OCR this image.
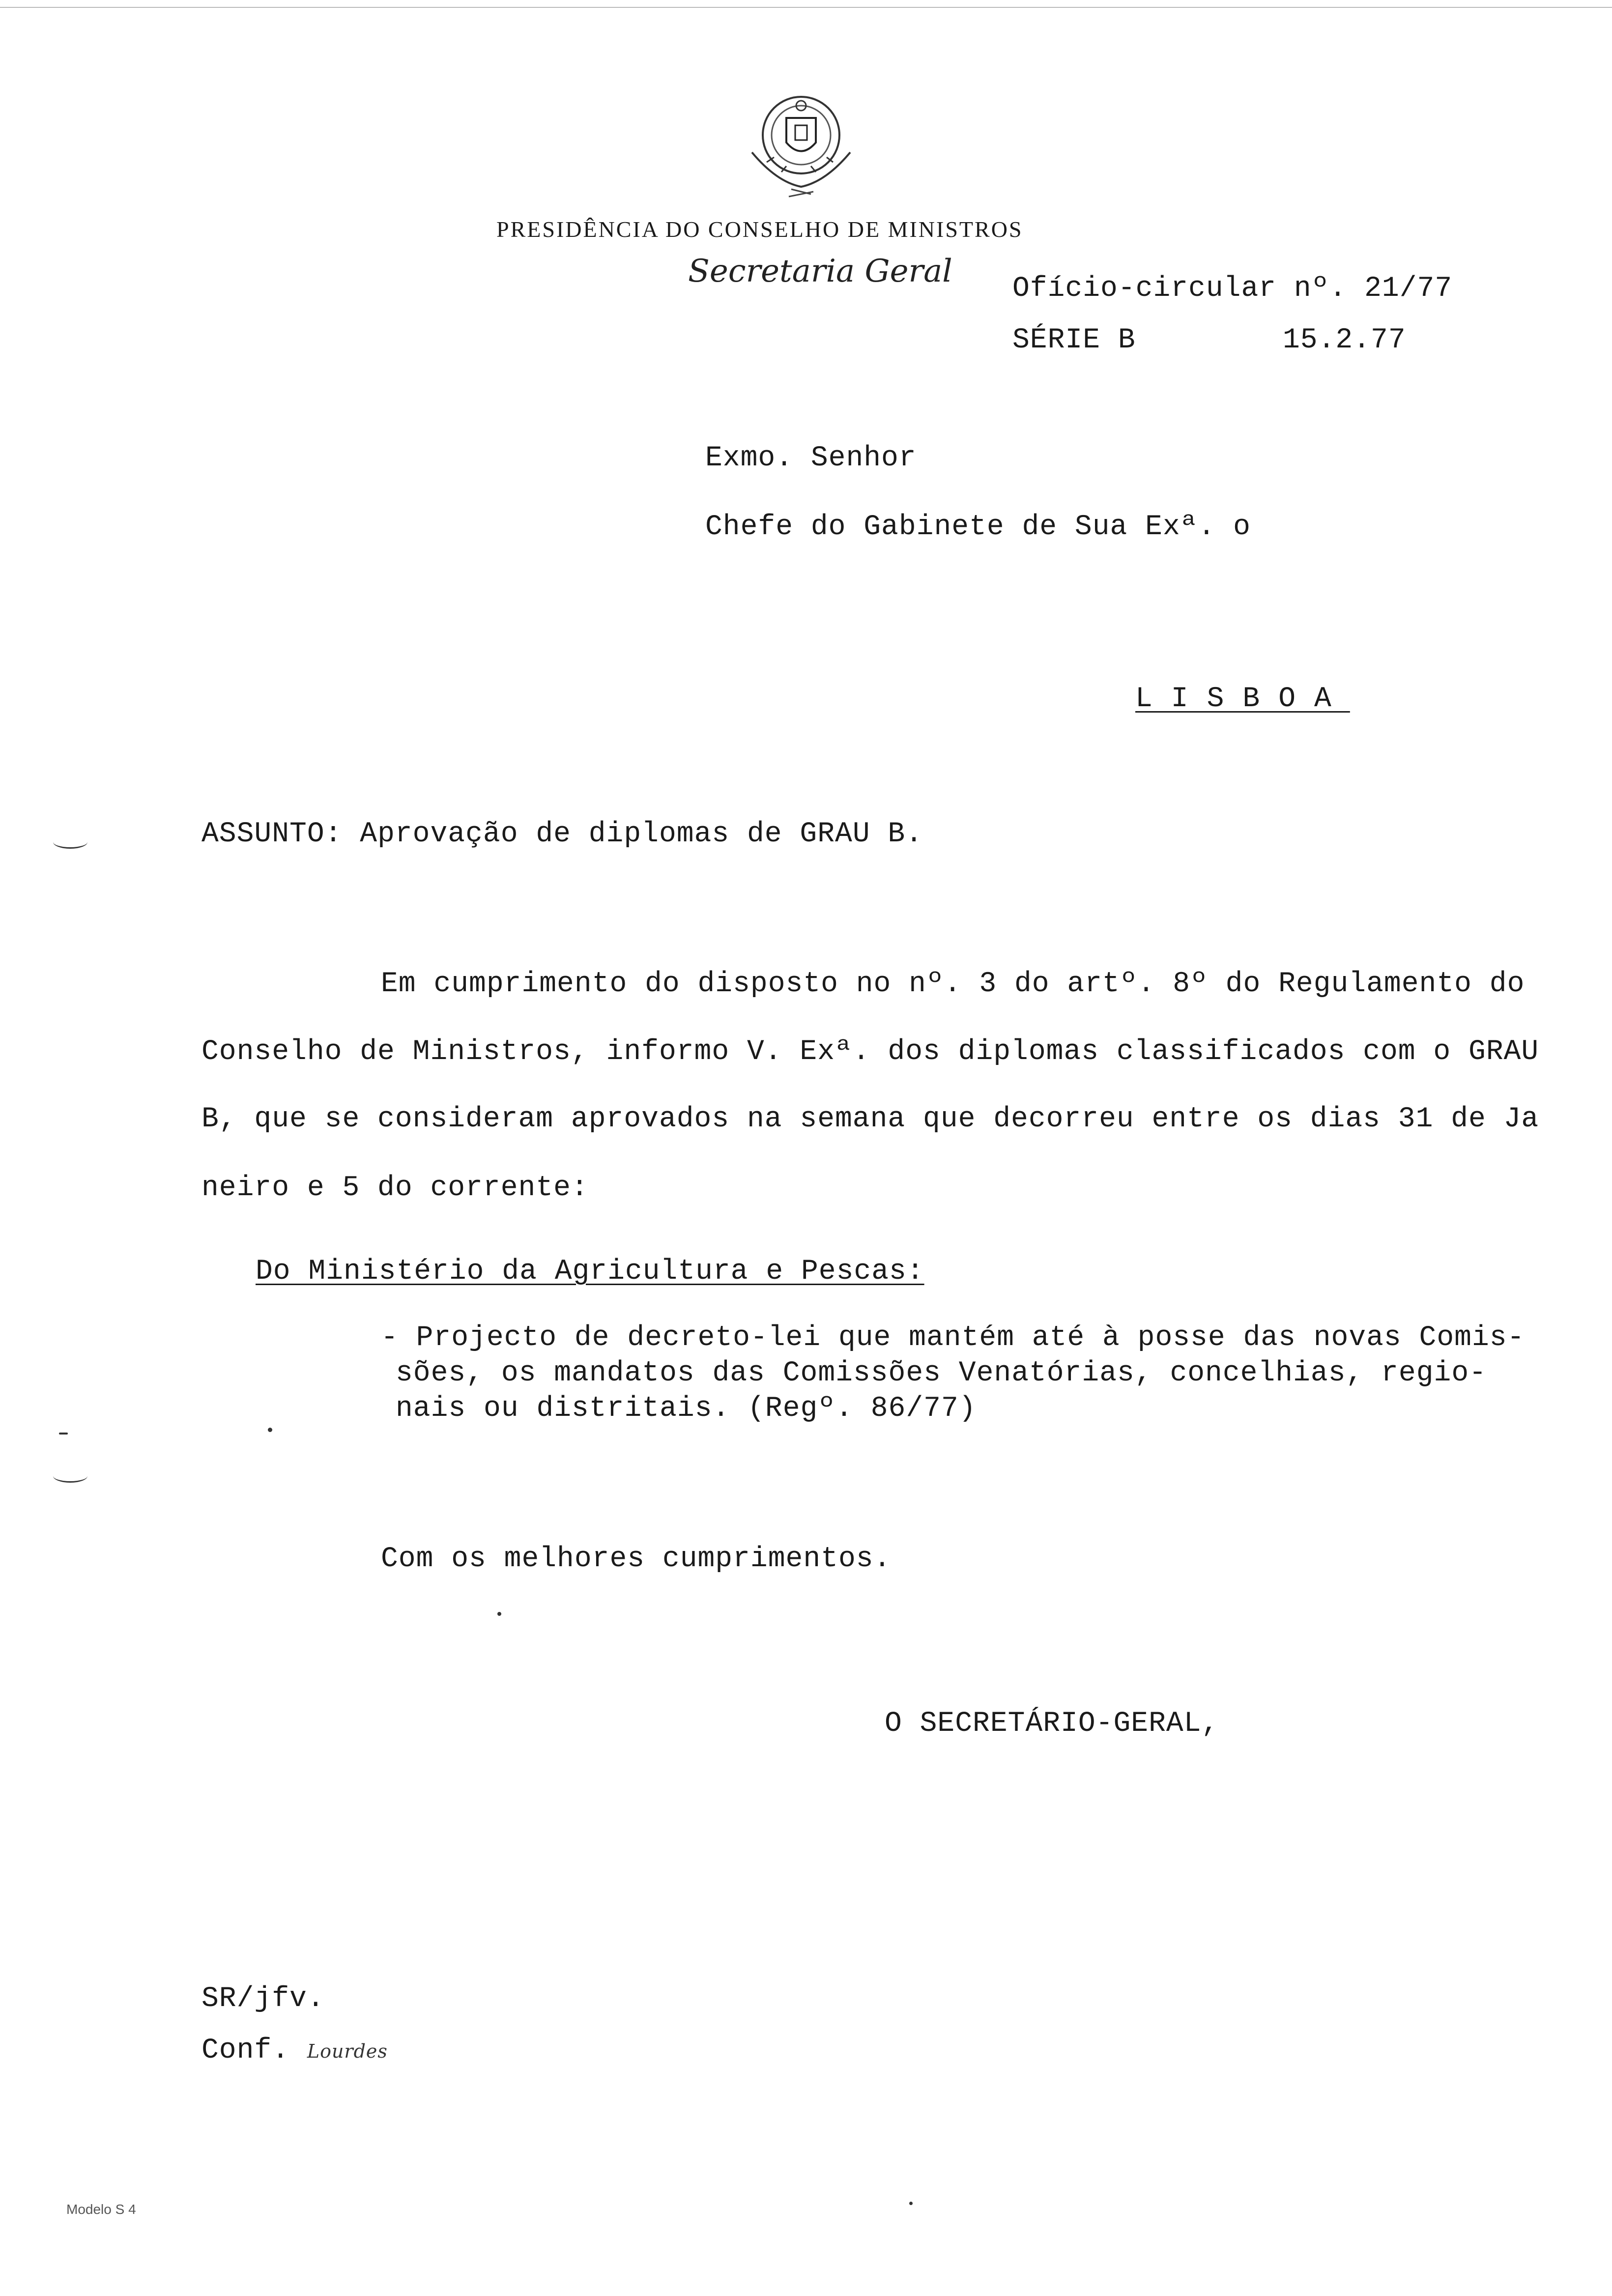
PRESIDÊNCIA DO CONSELHO DE MINISTROS
Secretaria Geral Ofício-circular nº. 21/77
SÉRIE B	15.2.77
Exmo. Senhor
Chefe do Gabinete de Sua Exª. o
LISBOA
ASSUNTO: Aprovação de diplomas de GRAU B.
Em cumprimento do disposto no nº. 3 do artº. 8º do Regulamento do
Conselho de Ministros, informo V. Exª. dos diplomas classificados com o GRAU
B, que se consideram aprovados na semana que decorreu entre os dias 31 de Ja
neiro e 5 do corrente:
Do Ministério da Agricultura e Pescas:
- Projecto de decreto-lei que mantém até à posse das novas Comis-
sões, os mandatos das Comissões Venatórias, concelhias, regio-
nais ou distritais. (Regº. 86/77)
Com os melhores cumprimentos.
O SECRETÁRIO-GERAL,
SR/jfv.
Conf. Lourdes
Modelo S 4
